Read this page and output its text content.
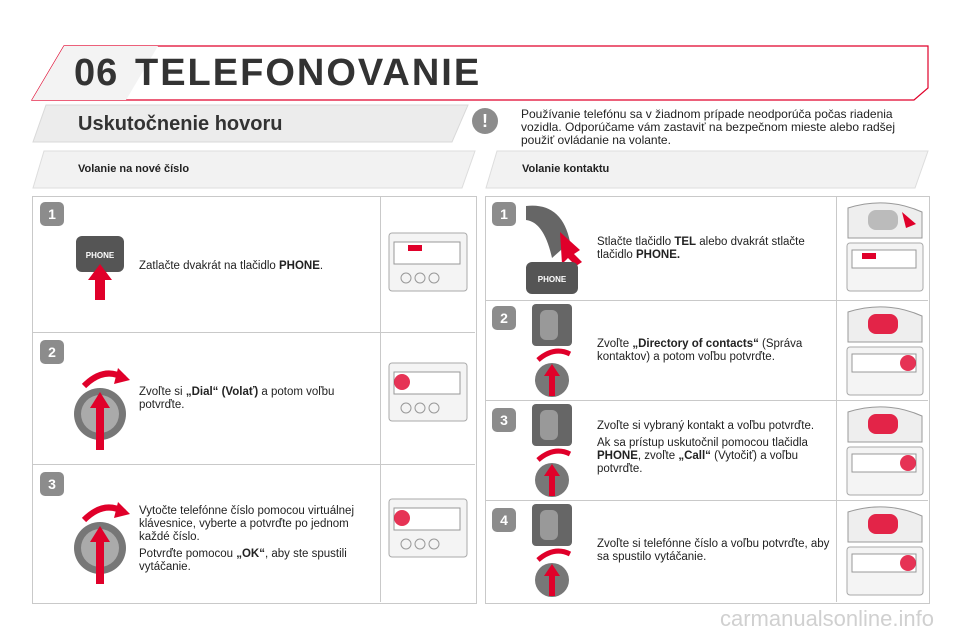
06 TELEFONOVANIE
Uskutočnenie hovoru	!	Používanie telefónu sa v žiadnom prípade neodporúča počas riadenia vozidla. Odporúčame vám zastaviť na bezpečnom mieste alebo radšej použiť ovládanie na volante.
Volanie na nové číslo	Volanie kontaktu
1
2
3
PHONE
Zatlačte dvakrát na tlačidlo PHONE.
Zvoľte si „Dial“ (Volať) a potom voľbu potvrďte.
Vytočte telefónne číslo pomocou virtuálnej klávesnice, vyberte a potvrďte po jednom každé číslo.
Potvrďte pomocou „OK“, aby ste spustili vytáčanie.
1
2
3
4
PHONE
Stlačte tlačidlo TEL alebo dvakrát stlačte tlačidlo PHONE.
Zvoľte „Directory of contacts“ (Správa kontaktov) a potom voľbu potvrďte.
Zvoľte si vybraný kontakt a voľbu potvrďte.
Ak sa prístup uskutočnil pomocou tlačidla PHONE, zvoľte „Call“ (Vytočiť) a voľbu potvrďte.
Zvoľte si telefónne číslo a voľbu potvrďte, aby sa spustilo vytáčanie.
carmanualsonline.info
